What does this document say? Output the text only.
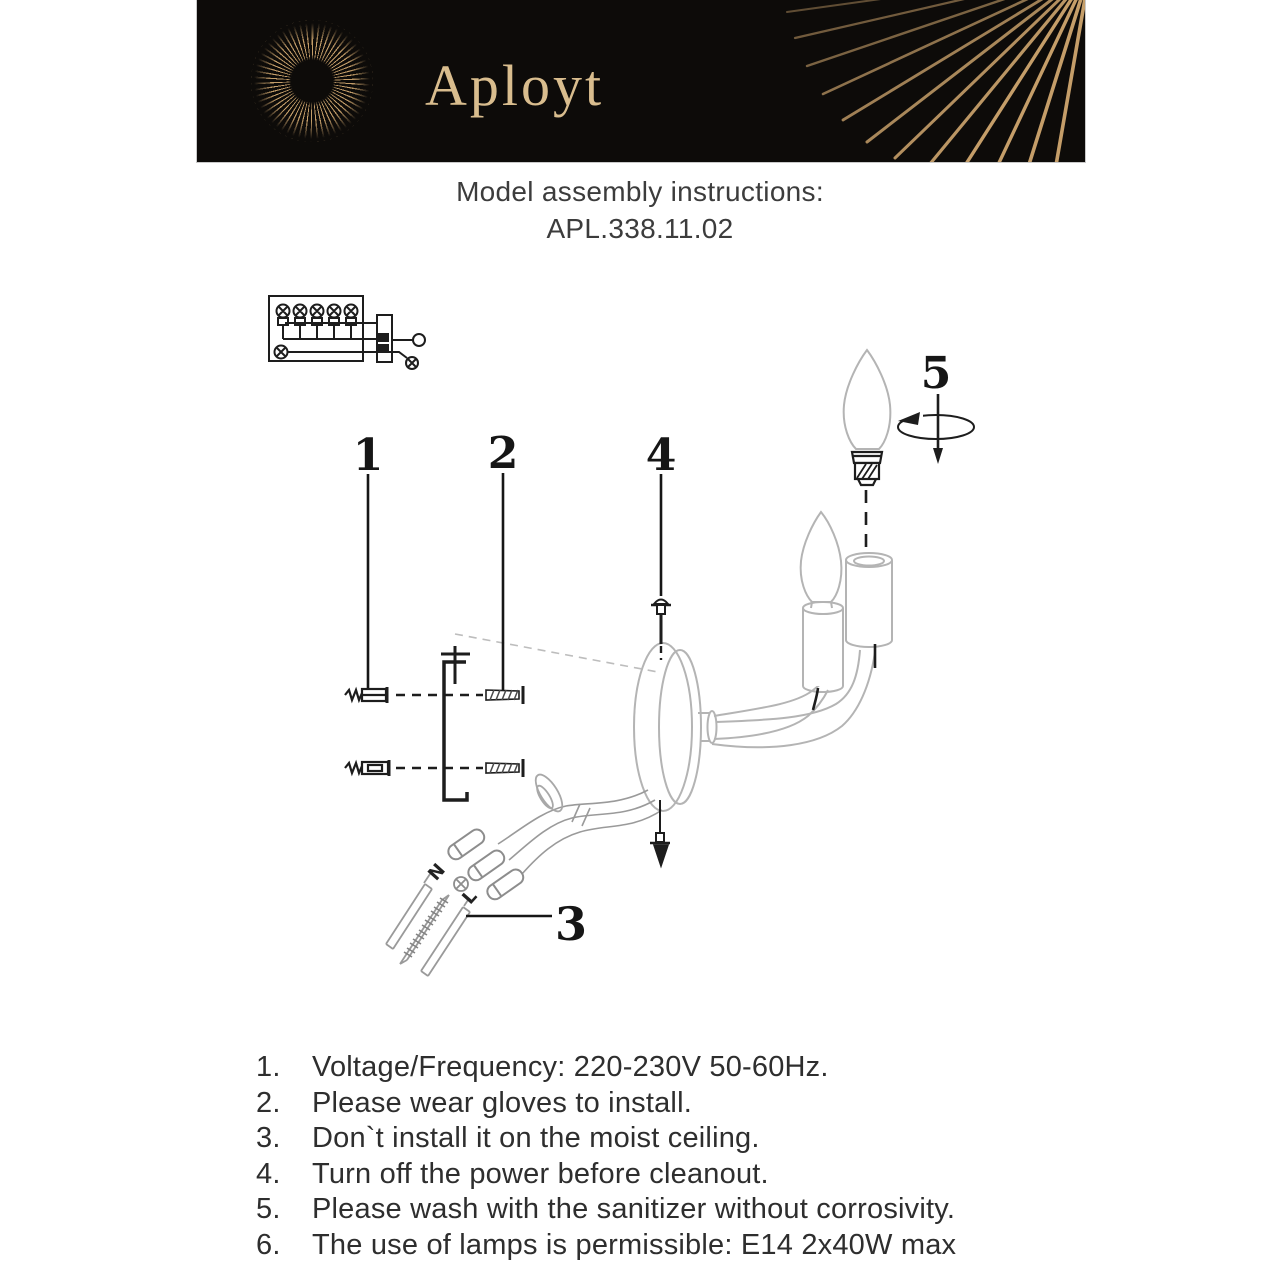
Aployt
Model assembly instructions:
APL.338.11.02
1 2	4
5
3
N
L
1.	Voltage/Frequency: 220-230V 50-60Hz.
2.	Please wear gloves to install.
3.	Don`t install it on the moist ceiling.
4.	Turn off the power before cleanout.
5.	Please wash with the sanitizer without corrosivity.
6.	The use of lamps is permissible: E14 2x40W max
